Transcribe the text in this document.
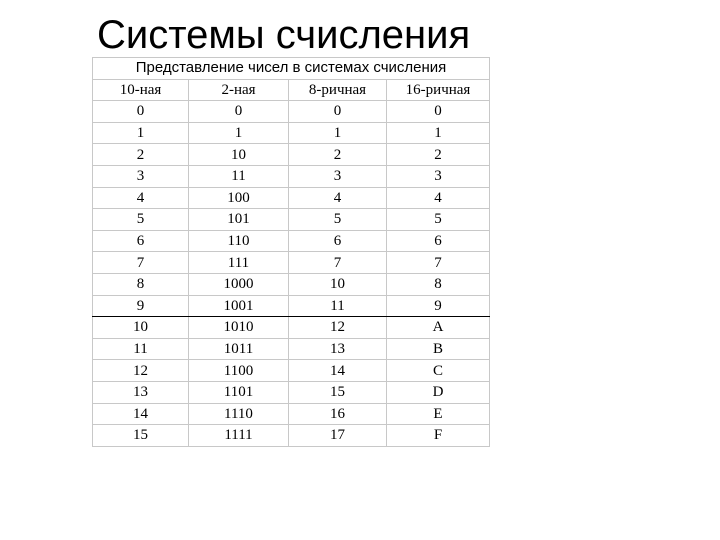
Системы счисления
Представление чисел в системах счисления			
10-ная	2-ная	8-ричная	16-ричная
0	0	0	0
1	1	1	1
2	10	2	2
3	11	3	3
4	100	4	4
5	101	5	5
6	110	6	6
7	111	7	7
8	1000	10	8
9	1001	11	9
10	1010	12	A
11	1011	13	B
12	1100	14	C
13	1101	15	D
14	1110	16	E
15	1111	17	F
